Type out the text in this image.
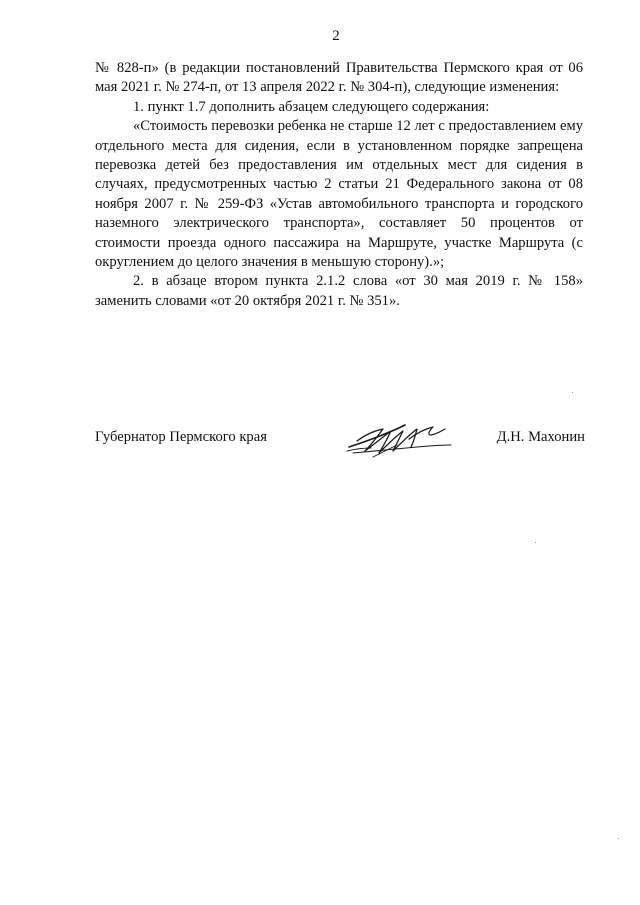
2

№ 828-п» (в редакции постановлений Правительства Пермского края от 06 мая 2021 г. № 274-п, от 13 апреля 2022 г. № 304-п), следующие изменения:

1. пункт 1.7 дополнить абзацем следующего содержания:

«Стоимость перевозки ребенка не старше 12 лет с предоставлением ему отдельного места для сидения, если в установленном порядке запрещена перевозка детей без предоставления им отдельных мест для сидения в случаях, предусмотренных частью 2 статьи 21 Федерального закона от 08 ноября 2007 г. № 259-ФЗ «Устав автомобильного транспорта и городского наземного электрического транспорта», составляет 50 процентов от стоимости проезда одного пассажира на Маршруте, участке Маршрута (с округлением до целого значения в меньшую сторону).»;

2. в абзаце втором пункта 2.1.2 слова «от 30 мая 2019 г. № 158» заменить словами «от 20 октября 2021 г. № 351».

Губернатор Пермского края	Д.Н. Махонин
